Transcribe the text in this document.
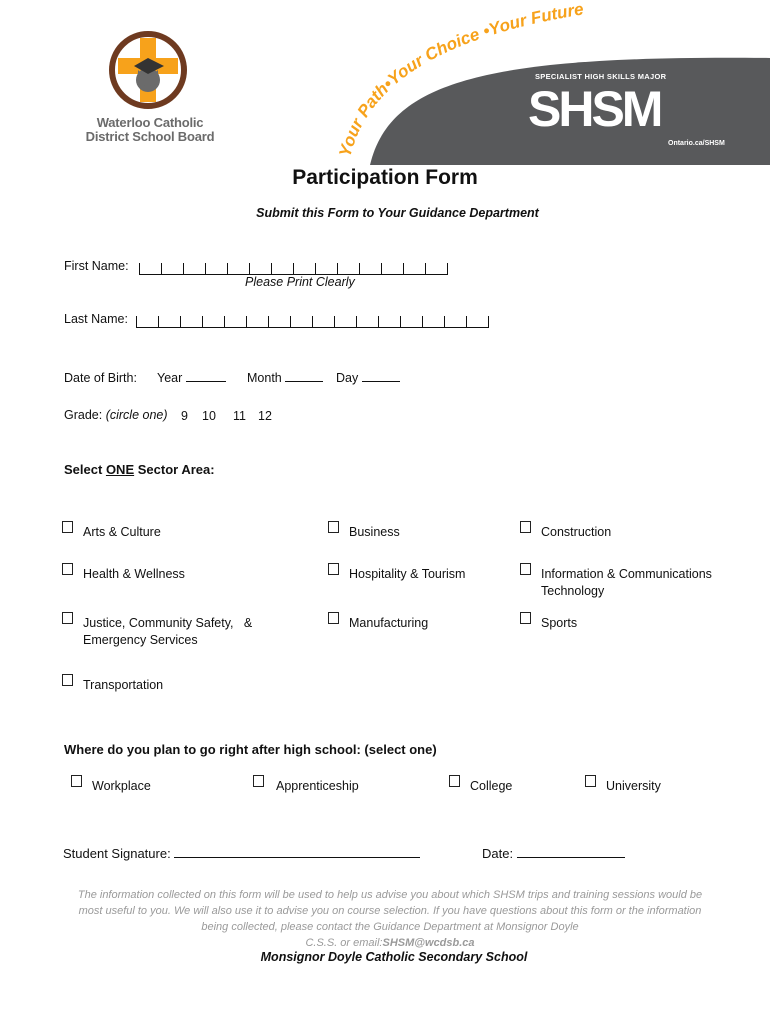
Waterloo Catholic
District School Board
Your Path•Your Choice •Your Future
SPECIALIST HIGH SKILLS MAJOR
SHSM
Ontario.ca/SHSM
Participation Form
Submit this Form to Your Guidance Department
First Name:
Please Print Clearly
Last Name:
Date of Birth: Year	Month	Day
Grade: (circle one) 9 10 11 12
Select ONE Sector Area:
Arts & Culture	Business	Construction
Health & Wellness	Hospitality & Tourism	Information & Communications
Technology
Justice, Community Safety,   &
Emergency Services
Manufacturing	Sports
Transportation
Where do you plan to go right after high school: (select one)
Workplace	Apprenticeship	College	University
Student Signature:	Date:
The information collected on this form will be used to help us advise you about which SHSM trips and training sessions would be
most useful to you. We will also use it to advise you on course selection. If you have questions about this form or the information
being collected, please contact the Guidance Department at Monsignor Doyle
C.S.S. or email:SHSM@wcdsb.ca
Monsignor Doyle Catholic Secondary School
